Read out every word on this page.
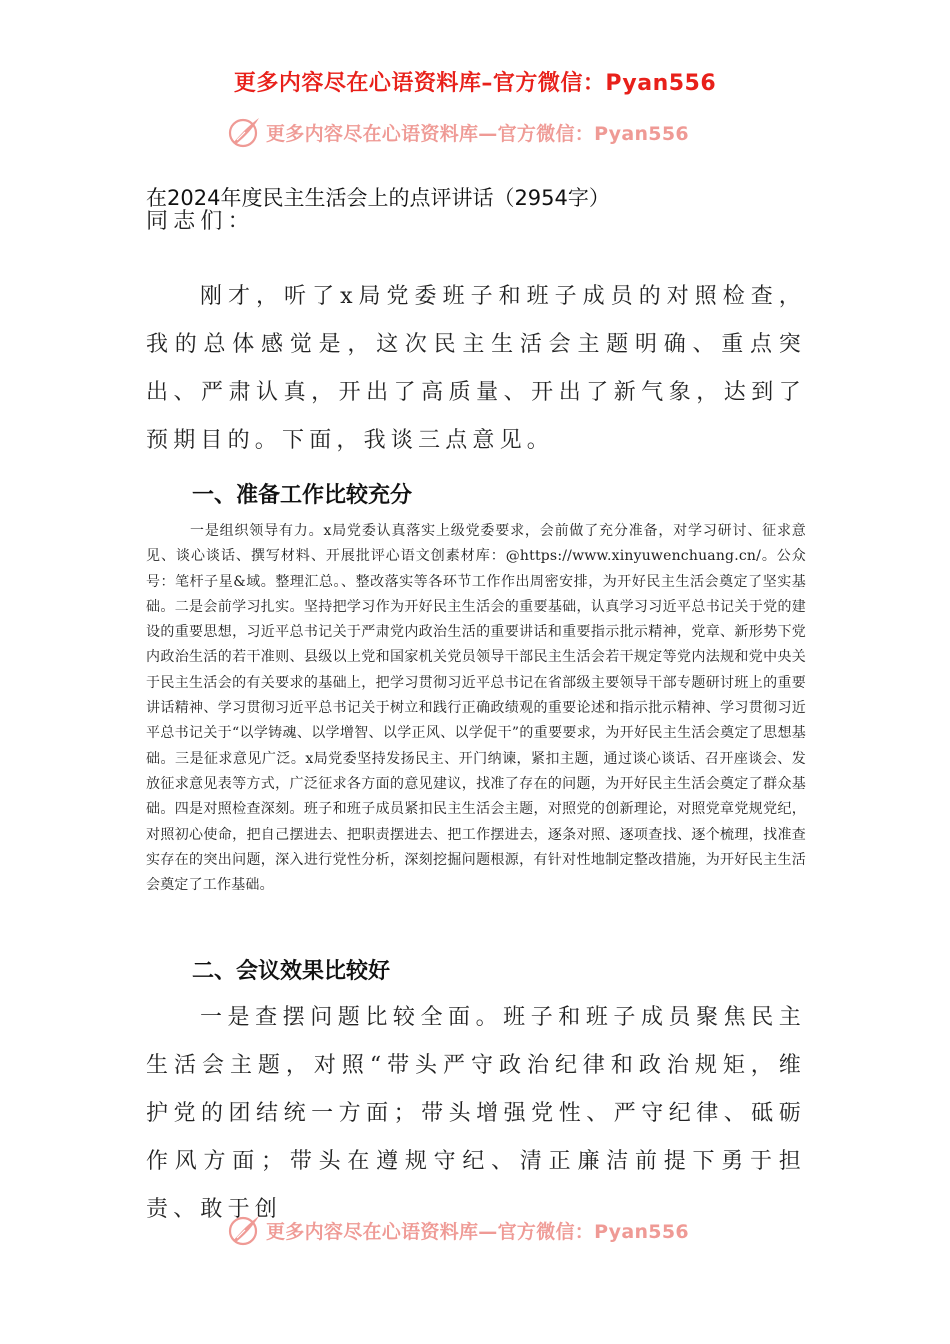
更多内容尽在心语资料库–官方微信：Pyan556
更多内容尽在心语资料库—官方微信：Pyan556
在2024年度民主生活会上的点评讲话（2954字）
同志们：
刚才，听了x局党委班子和班子成员的对照检查，我的总体感觉是，这次民主生活会主题明确、重点突出、严肃认真，开出了高质量、开出了新气象，达到了预期目的。下面，我谈三点意见。
一、准备工作比较充分
一是组织领导有力。x局党委认真落实上级党委要求，会前做了充分准备，对学习研讨、征求意见、谈心谈话、撰写材料、开展批评心语文创素材库：@https://www.xinyuwenchuang.cn/。公众号：笔杆子星&域。整理汇总。、整改落实等各环节工作作出周密安排，为开好民主生活会奠定了坚实基础。二是会前学习扎实。坚持把学习作为开好民主生活会的重要基础，认真学习习近平总书记关于党的建设的重要思想，习近平总书记关于严肃党内政治生活的重要讲话和重要指示批示精神，党章、新形势下党内政治生活的若干准则、县级以上党和国家机关党员领导干部民主生活会若干规定等党内法规和党中央关于民主生活会的有关要求的基础上，把学习贯彻习近平总书记在省部级主要领导干部专题研讨班上的重要讲话精神、学习贯彻习近平总书记关于树立和践行正确政绩观的重要论述和指示批示精神、学习贯彻习近平总书记关于“以学铸魂、以学增智、以学正风、以学促干”的重要要求，为开好民主生活会奠定了思想基础。三是征求意见广泛。x局党委坚持发扬民主、开门纳谏，紧扣主题，通过谈心谈话、召开座谈会、发放征求意见表等方式，广泛征求各方面的意见建议，找准了存在的问题，为开好民主生活会奠定了群众基础。四是对照检查深刻。班子和班子成员紧扣民主生活会主题，对照党的创新理论，对照党章党规党纪，对照初心使命，把自己摆进去、把职责摆进去、把工作摆进去，逐条对照、逐项查找、逐个梳理，找准查实存在的突出问题，深入进行党性分析，深刻挖掘问题根源，有针对性地制定整改措施，为开好民主生活会奠定了工作基础。
二、会议效果比较好
一是查摆问题比较全面。班子和班子成员聚焦民主生活会主题，对照“带头严守政治纪律和政治规矩，维护党的团结统一方面；带头增强党性、严守纪律、砥砺作风方面；带头在遵规守纪、清正廉洁前提下勇于担责、敢于创
更多内容尽在心语资料库—官方微信：Pyan556
